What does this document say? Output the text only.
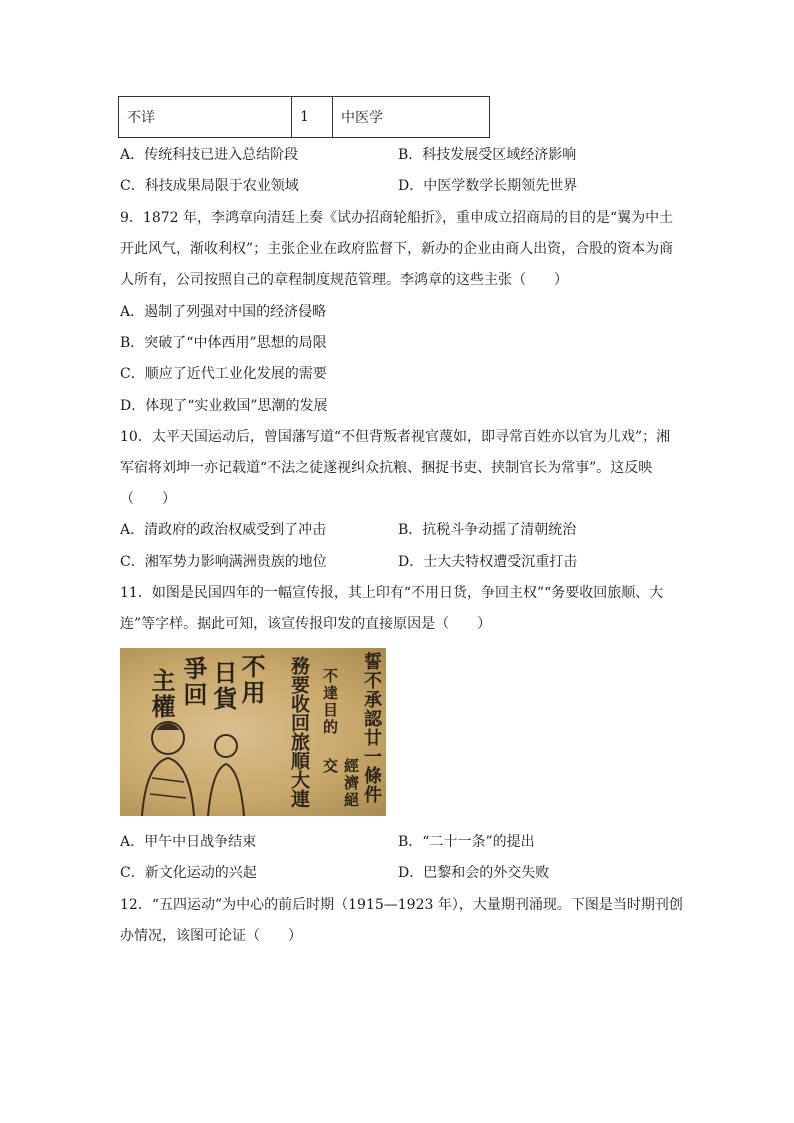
不详	1	中医学
A．传统科技已进入总结阶段	B．科技发展受区域经济影响
C．科技成果局限于农业领域	D．中医学数学长期领先世界
9．1872 年，李鸿章向清廷上奏《试办招商轮船折》，重申成立招商局的目的是“翼为中土
开此风气，渐收利权”；主张企业在政府监督下，新办的企业由商人出资，合股的资本为商
人所有，公司按照自己的章程制度规范管理。李鸿章的这些主张（　　）
A．遏制了列强对中国的经济侵略
B．突破了“中体西用”思想的局限
C．顺应了近代工业化发展的需要
D．体现了“实业救国”思潮的发展
10．太平天国运动后，曾国藩写道“不但背叛者视官蔑如，即寻常百姓亦以官为儿戏”；湘
军宿将刘坤一亦记载道“不法之徒遂视纠众抗粮、捆捉书吏、挟制官长为常事”。这反映
（　　）
A．清政府的政治权威受到了冲击	B．抗税斗争动摇了清朝统治
C．湘军势力影响满洲贵族的地位	D．士大夫特权遭受沉重打击
11．如图是民国四年的一幅宣传报，其上印有“不用日货，争回主权”“务要收回旅顺、大
连”等字样。据此可知，该宣传报印发的直接原因是（　　）
主權 爭回 日貨 不用 務要收回旅順大連 不達目的
經濟絕交	誓不承認廿一條件
A．甲午中日战争结束	B．“二十一条”的提出
C．新文化运动的兴起	D．巴黎和会的外交失败
12．“五四运动”为中心的前后时期（1915—1923 年），大量期刊涌现。下图是当时期刊创
办情况，该图可论证（　　）
